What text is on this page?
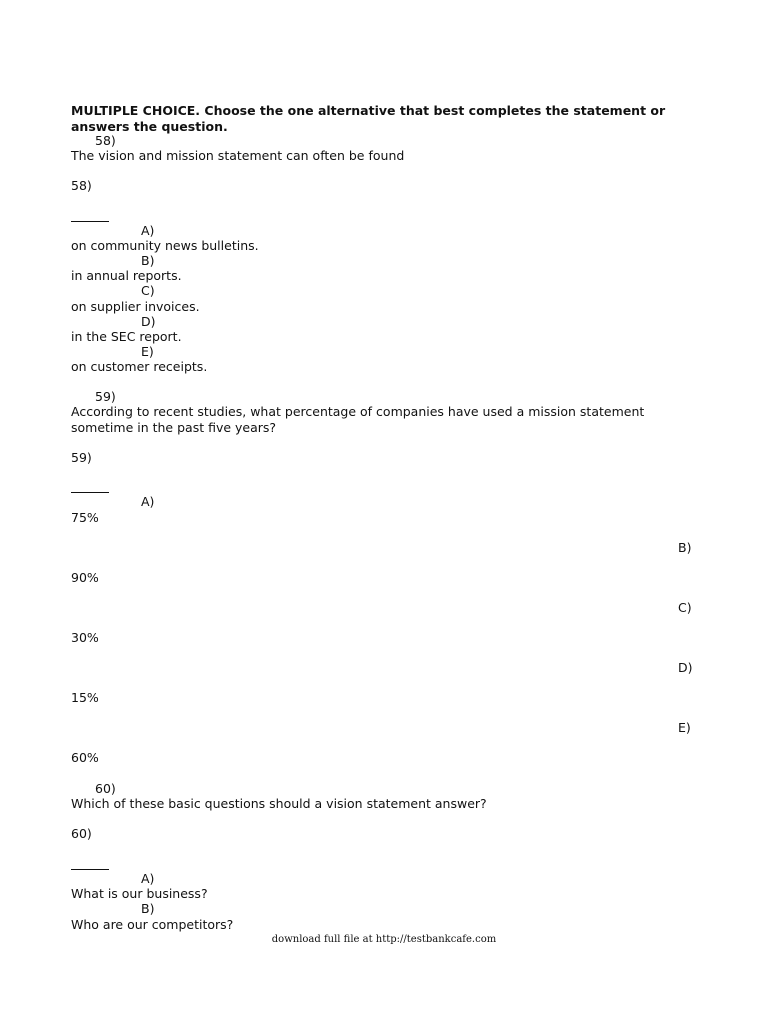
MULTIPLE CHOICE. Choose the one alternative that best completes the statement or
answers the question.
58)
The vision and mission statement can often be found
58)
A)
on community news bulletins.
B)
in annual reports.
C)
on supplier invoices.
D)
in the SEC report.
E)
on customer receipts.
59)
According to recent studies, what percentage of companies have used a mission statement
sometime in the past five years?
59)
A)
75%
B)
90%
C)
30%
D)
15%
E)
60%
60)
Which of these basic questions should a vision statement answer?
60)
A)
What is our business?
B)
Who are our competitors?
download full file at http://testbankcafe.com
